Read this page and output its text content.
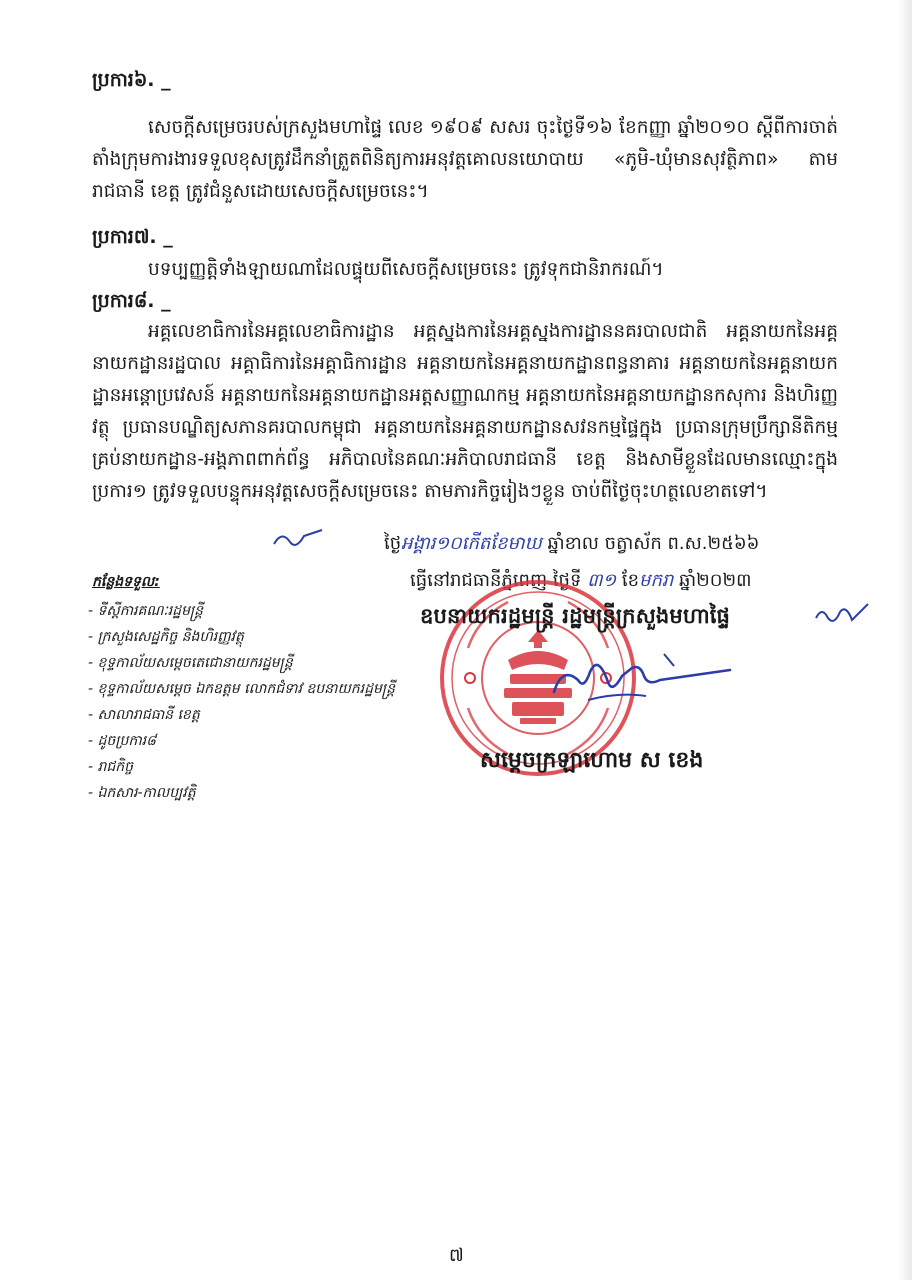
ប្រការ៦. _

សេចក្ដីសម្រេចរបស់ក្រសួងមហាផ្ទៃ លេខ ១៩០៩ សសរ ចុះថ្ងៃទី១៦ ខែកញ្ញា ឆ្នាំ២០១០ ស្ដីពីការចាត់តាំងក្រុមការងារទទួលខុសត្រូវដឹកនាំត្រួតពិនិត្យការអនុវត្តគោលនយោបាយ «ភូមិ-ឃុំមានសុវត្ថិភាព» តាមរាជធានី ខេត្ត ត្រូវជំនួសដោយសេចក្ដីសម្រេចនេះ។

ប្រការ៧. _

បទប្បញ្ញត្តិទាំងឡាយណាដែលផ្ទុយពីសេចក្ដីសម្រេចនេះ ត្រូវទុកជានិរាករណ៍។

ប្រការ៨. _

អគ្គលេខាធិការនៃអគ្គលេខាធិការដ្ឋាន អគ្គស្នងការនៃអគ្គស្នងការដ្ឋាននគរបាលជាតិ អគ្គនាយកនៃអគ្គនាយកដ្ឋានរដ្ឋបាល អគ្គាធិការនៃអគ្គាធិការដ្ឋាន អគ្គនាយកនៃអគ្គនាយកដ្ឋានពន្ធនាគារ អគ្គនាយកនៃអគ្គនាយកដ្ឋានអន្តោប្រវេសន៍ អគ្គនាយកនៃអគ្គនាយកដ្ឋានអត្តសញ្ញាណកម្ម អគ្គនាយកនៃអគ្គនាយកដ្ឋានកសុការ និងហិរញ្ញវត្ថុ ប្រធានបណ្ឌិត្យសភានគរបាលកម្ពុជា អគ្គនាយកនៃអគ្គនាយកដ្ឋានសវនកម្មផ្ទៃក្នុង ប្រធានក្រុមប្រឹក្សានីតិកម្ម គ្រប់នាយកដ្ឋាន-អង្គភាពពាក់ព័ន្ធ អភិបាលនៃគណៈអភិបាលរាជធានី ខេត្ត និងសាមីខ្លួនដែលមានឈ្មោះក្នុងប្រការ១ ត្រូវទទួលបន្ទុកអនុវត្តសេចក្ដីសម្រេចនេះ តាមភារកិច្ចរៀងៗខ្លួន ចាប់ពីថ្ងៃចុះហត្ថលេខាតទៅ។

ថ្ងៃអង្គារ១០កើតខែមាឃ ឆ្នាំខាល ចត្វាស័ក ព.ស.២៥៦៦
ធ្វើនៅរាជធានីភ្នំពេញ ថ្ងៃទី ៣១ ខែមករា ឆ្នាំ២០២៣
ឧបនាយករដ្ឋមន្ត្រី រដ្ឋមន្ត្រីក្រសួងមហាផ្ទៃ
សម្ដេចក្រឡាហោម ស ខេង
កន្លែងទទួល:
- ទីស្ដីការគណៈរដ្ឋមន្ត្រី
- ក្រសួងសេដ្ឋកិច្ច និងហិរញ្ញវត្ថុ
- ខុទ្ទកាល័យសម្ដេចតេជោនាយករដ្ឋមន្ត្រី
- ខុទ្ទកាល័យសម្ដេច ឯកឧត្ដម លោកជំទាវ ឧបនាយករដ្ឋមន្ត្រី
- សាលារាជធានី ខេត្ត
- ដូចប្រការ៨
- រាជកិច្ច
- ឯកសារ-កាលប្បវត្តិ
៧
